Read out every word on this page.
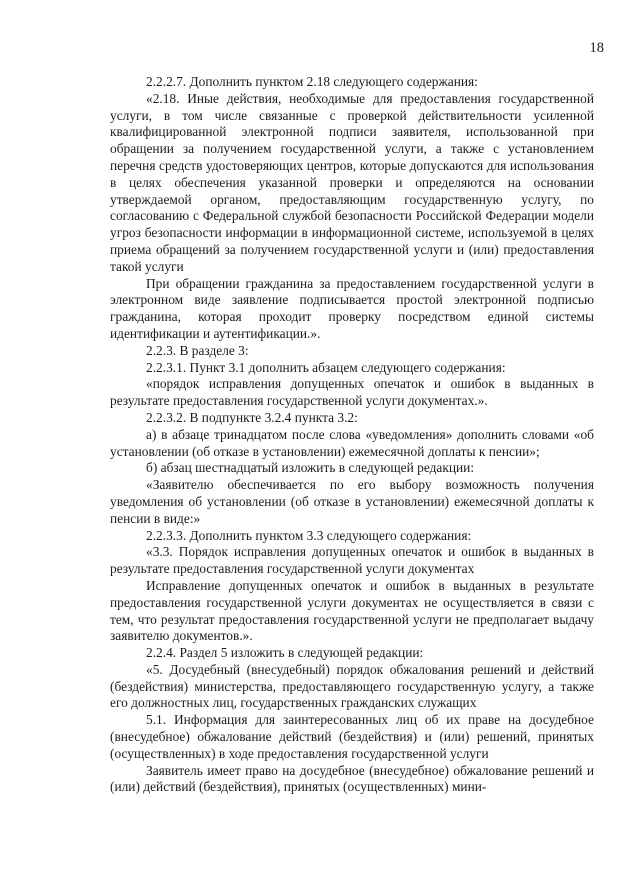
18

2.2.2.7. Дополнить пунктом 2.18 следующего содержания:

«2.18. Иные действия, необходимые для предоставления государственной услуги, в том числе связанные с проверкой действительности усиленной квалифицированной электронной подписи заявителя, использованной при обращении за получением государственной услуги, а также с установлением перечня средств удостоверяющих центров, которые допускаются для использования в целях обеспечения указанной проверки и определяются на основании утверждаемой органом, предоставляющим государственную услугу, по согласованию с Федеральной службой безопасности Российской Федерации модели угроз безопасности информации в информационной системе, используемой в целях приема обращений за получением государственной услуги и (или) предоставления такой услуги

При обращении гражданина за предоставлением государственной услуги в электронном виде заявление подписывается простой электронной подписью гражданина, которая проходит проверку посредством единой системы идентификации и аутентификации.».

2.2.3. В разделе 3:

2.2.3.1. Пункт 3.1 дополнить абзацем следующего содержания:

«порядок исправления допущенных опечаток и ошибок в выданных в результате предоставления государственной услуги документах.».

2.2.3.2. В подпункте 3.2.4 пункта 3.2:

а) в абзаце тринадцатом после слова «уведомления» дополнить словами «об установлении (об отказе в установлении) ежемесячной доплаты к пенсии»;

б) абзац шестнадцатый изложить в следующей редакции:

«Заявителю обеспечивается по его выбору возможность получения уведомления об установлении (об отказе в установлении) ежемесячной доплаты к пенсии в виде:»

2.2.3.3. Дополнить пунктом 3.3 следующего содержания:

«3.3. Порядок исправления допущенных опечаток и ошибок в выданных в результате предоставления государственной услуги документах

Исправление допущенных опечаток и ошибок в выданных в результате предоставления государственной услуги документах не осуществляется в связи с тем, что результат предоставления государственной услуги не предполагает выдачу заявителю документов.».

2.2.4. Раздел 5 изложить в следующей редакции:

«5. Досудебный (внесудебный) порядок обжалования решений и действий (бездействия) министерства, предоставляющего государственную услугу, а также его должностных лиц, государственных гражданских служащих

5.1. Информация для заинтересованных лиц об их праве на досудебное (внесудебное) обжалование действий (бездействия) и (или) решений, принятых (осуществленных) в ходе предоставления государственной услуги

Заявитель имеет право на досудебное (внесудебное) обжалование решений и (или) действий (бездействия), принятых (осуществленных) мини-
